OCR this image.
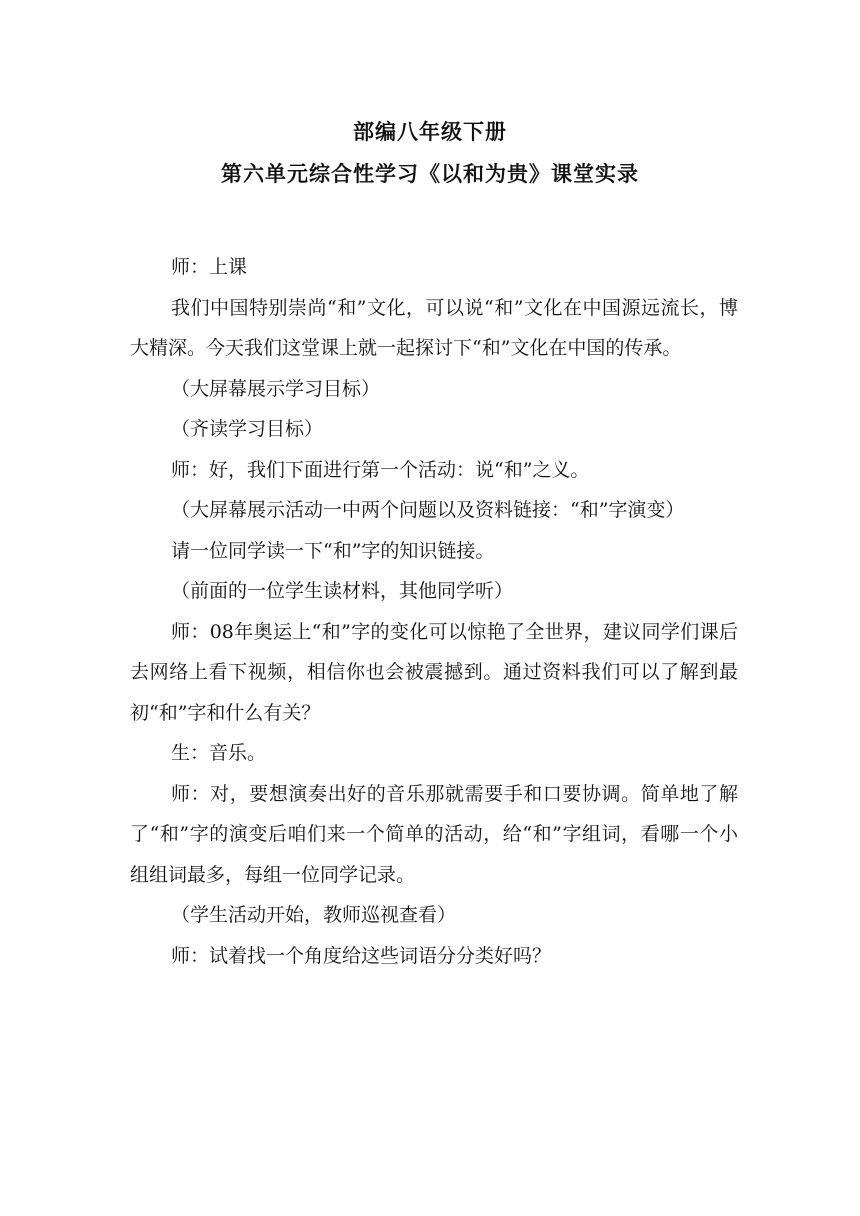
部编八年级下册
第六单元综合性学习《以和为贵》课堂实录

师：上课

我们中国特别崇尚“和”文化，可以说“和”文化在中国源远流长，博大精深。今天我们这堂课上就一起探讨下“和”文化在中国的传承。

（大屏幕展示学习目标）

（齐读学习目标）

师：好，我们下面进行第一个活动：说“和”之义。

（大屏幕展示活动一中两个问题以及资料链接：“和”字演变）

请一位同学读一下“和”字的知识链接。

（前面的一位学生读材料，其他同学听）

师：08年奥运上“和”字的变化可以惊艳了全世界，建议同学们课后去网络上看下视频，相信你也会被震撼到。通过资料我们可以了解到最初“和”字和什么有关？

生：音乐。

师：对，要想演奏出好的音乐那就需要手和口要协调。简单地了解了“和”字的演变后咱们来一个简单的活动，给“和”字组词，看哪一个小组组词最多，每组一位同学记录。

（学生活动开始，教师巡视查看）

师：试着找一个角度给这些词语分分类好吗？
